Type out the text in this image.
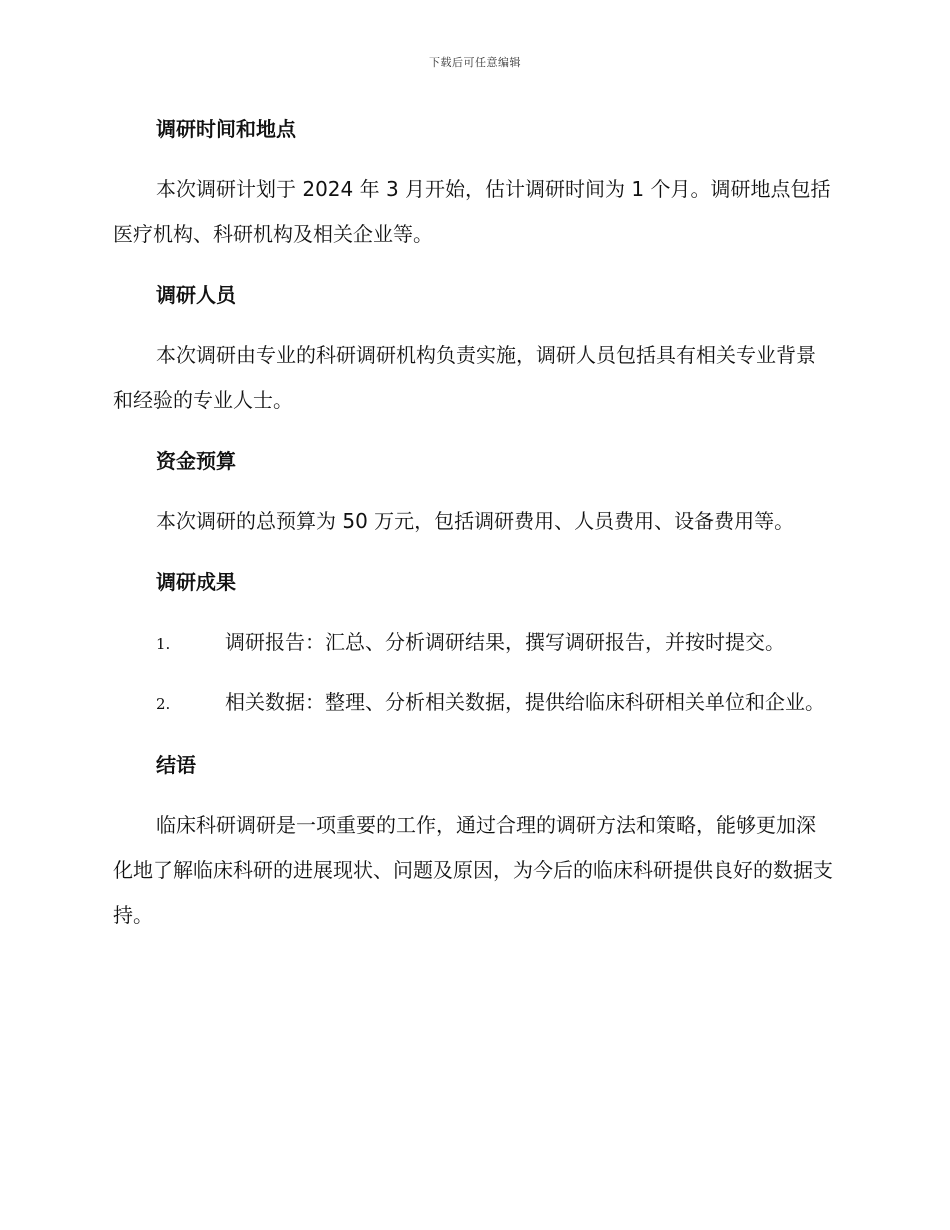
下载后可任意编辑
调研时间和地点

本次调研计划于 2024 年 3 月开始，估计调研时间为 1 个月。调研地点包括医疗机构、科研机构及相关企业等。

调研人员

本次调研由专业的科研调研机构负责实施，调研人员包括具有相关专业背景和经验的专业人士。

资金预算

本次调研的总预算为 50 万元，包括调研费用、人员费用、设备费用等。

调研成果

1.	调研报告：汇总、分析调研结果，撰写调研报告，并按时提交。

2.	相关数据：整理、分析相关数据，提供给临床科研相关单位和企业。

结语

临床科研调研是一项重要的工作，通过合理的调研方法和策略，能够更加深化地了解临床科研的进展现状、问题及原因，为今后的临床科研提供良好的数据支持。
